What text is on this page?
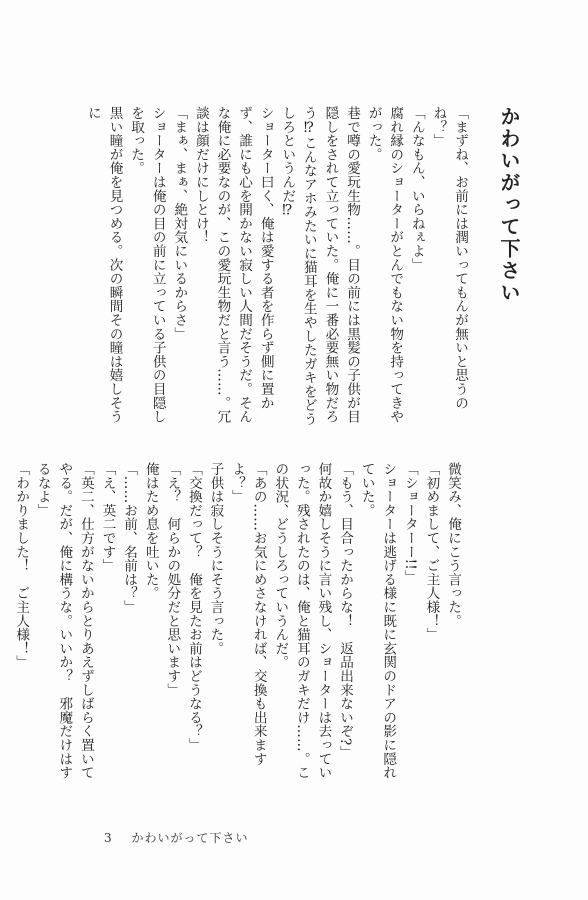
かわいがって下さい
「まずね、お前には潤いってもんが無いと思うのね？」
「んなもん、いらねぇよ」
腐れ縁のショーターがとんでもない物を持ってきやがった。
巷で噂の愛玩生物……。目の前には黒髪の子供が目隠しをされて立っていた。俺に一番必要無い物だろう⁉︎こんなアホみたいに猫耳を生やしたガキをどうしろというんだ⁉︎
ショーター曰く、俺は愛する者を作らず側に置かず、誰にも心を開かない寂しい人間だそうだ。そんな俺に必要なのが、この愛玩生物だと言う……。冗談は顔だけにしとけ！
「まぁ、まぁ、絶対気にいるからさ」
ショーターは俺の目の前に立っている子供の目隠しを取った。
黒い瞳が俺を見つめる。次の瞬間その瞳は嬉しそうに
微笑み、俺にこう言った。
「初めまして、ご主人様！」
「ショーターー!!」
ショーターは逃げる様に既に玄関のドアの影に隠れていた。
「もう、目合ったからな！　返品出来ないぞ?」
何故か嬉しそうに言い残し、ショーターは去っていった。残されたのは、俺と猫耳のガキだけ……。この状況、どうしろっていうんだ。
「あの……お気にめさなければ、交換も出来ますよ？」
子供は寂しそうにそう言った。
「交換だって？　俺を見たお前はどうなる？」
「え？　何らかの処分だと思います」
俺はため息を吐いた。
「……お前、名前は？」
「え、英二です」
「英二、仕方がないからとりあえずしばらく置いてやる。だが、俺に構うな。いいか？　邪魔だけはするなよ」
「わかりました！　ご主人様！」
3 かわいがって下さい
